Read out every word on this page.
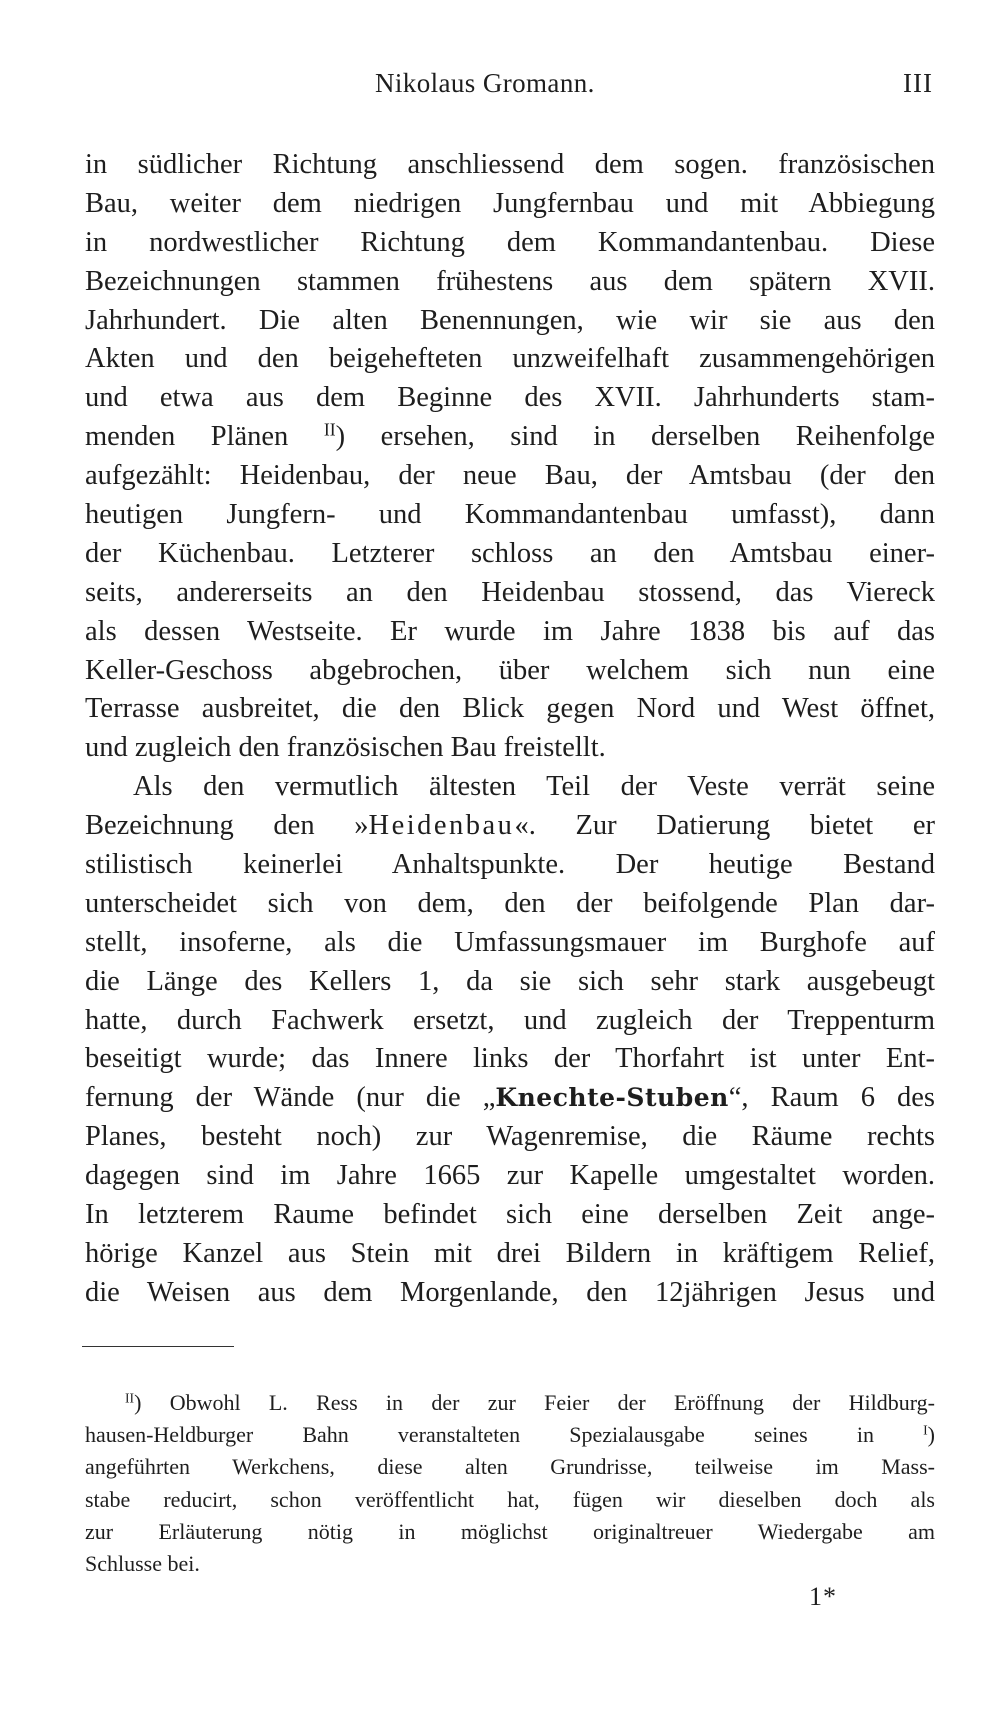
Nikolaus Gromann.	III
in südlicher Richtung anschliessend dem sogen. französischen
Bau, weiter dem niedrigen Jungfernbau und mit Abbiegung
in nordwestlicher Richtung dem Kommandantenbau. Diese
Bezeichnungen stammen frühestens aus dem spätern XVII.
Jahrhundert. Die alten Benennungen, wie wir sie aus den
Akten und den beigehefteten unzweifelhaft zusammengehörigen
und etwa aus dem Beginne des XVII. Jahrhunderts stam-
menden Plänen $^{II}$) ersehen, sind in derselben Reihenfolge
aufgezählt: Heidenbau, der neue Bau, der Amtsbau (der den
heutigen Jungfern- und Kommandantenbau umfasst), dann
der Küchenbau. Letzterer schloss an den Amtsbau einer-
seits, andererseits an den Heidenbau stossend, das Viereck
als dessen Westseite. Er wurde im Jahre 1838 bis auf das
Keller-Geschoss abgebrochen, über welchem sich nun eine
Terrasse ausbreitet, die den Blick gegen Nord und West öffnet,
und zugleich den französischen Bau freistellt.
Als den vermutlich ältesten Teil der Veste verrät seine
Bezeichnung den »Heidenbau«. Zur Datierung bietet er
stilistisch keinerlei Anhaltspunkte. Der heutige Bestand
unterscheidet sich von dem, den der beifolgende Plan dar-
stellt, insoferne, als die Umfassungsmauer im Burghofe auf
die Länge des Kellers 1, da sie sich sehr stark ausgebeugt
hatte, durch Fachwerk ersetzt, und zugleich der Treppenturm
beseitigt wurde; das Innere links der Thorfahrt ist unter Ent-
fernung der Wände (nur die „Knechte-Stuben“, Raum 6 des
Planes, besteht noch) zur Wagenremise, die Räume rechts
dagegen sind im Jahre 1665 zur Kapelle umgestaltet worden.
In letzterem Raume befindet sich eine derselben Zeit ange-
hörige Kanzel aus Stein mit drei Bildern in kräftigem Relief,
die Weisen aus dem Morgenlande, den 12jährigen Jesus und
$^{II}$) Obwohl L. Ress in der zur Feier der Eröffnung der Hildburg-
hausen-Heldburger Bahn veranstalteten Spezialausgabe seines in $^I$)
angeführten Werkchens, diese alten Grundrisse, teilweise im Mass-
stabe reducirt, schon veröffentlicht hat, fügen wir dieselben doch als
zur Erläuterung nötig in möglichst originaltreuer Wiedergabe am
Schlusse bei.
1*
